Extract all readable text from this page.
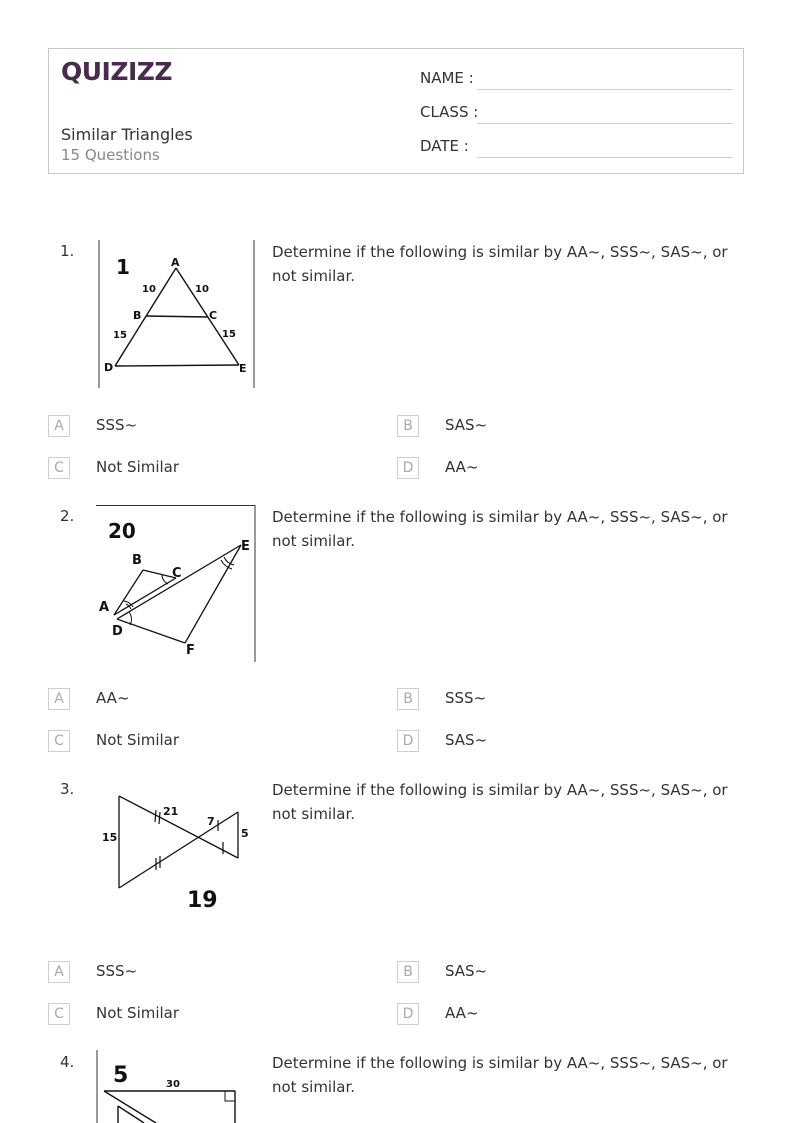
QUIZIZZ
Similar Triangles
15 Questions
NAME :
CLASS :
DATE :
1.
1	A
B	C
D	E
10	10
15	15
Determine if the following is similar by AA~, SSS~, SAS~, or not similar.
A	SSS~	B	SAS~
C	Not Similar	D	AA~
2.
20
B
C
A
D
E
F
Determine if the following is similar by AA~, SSS~, SAS~, or not similar.
A	AA~	B	SSS~
C	Not Similar	D	SAS~
3.
15
21
7
5
19
Determine if the following is similar by AA~, SSS~, SAS~, or not similar.
A	SSS~	B	SAS~
C	Not Similar	D	AA~
4.
5	30
Determine if the following is similar by AA~, SSS~, SAS~, or not similar.
